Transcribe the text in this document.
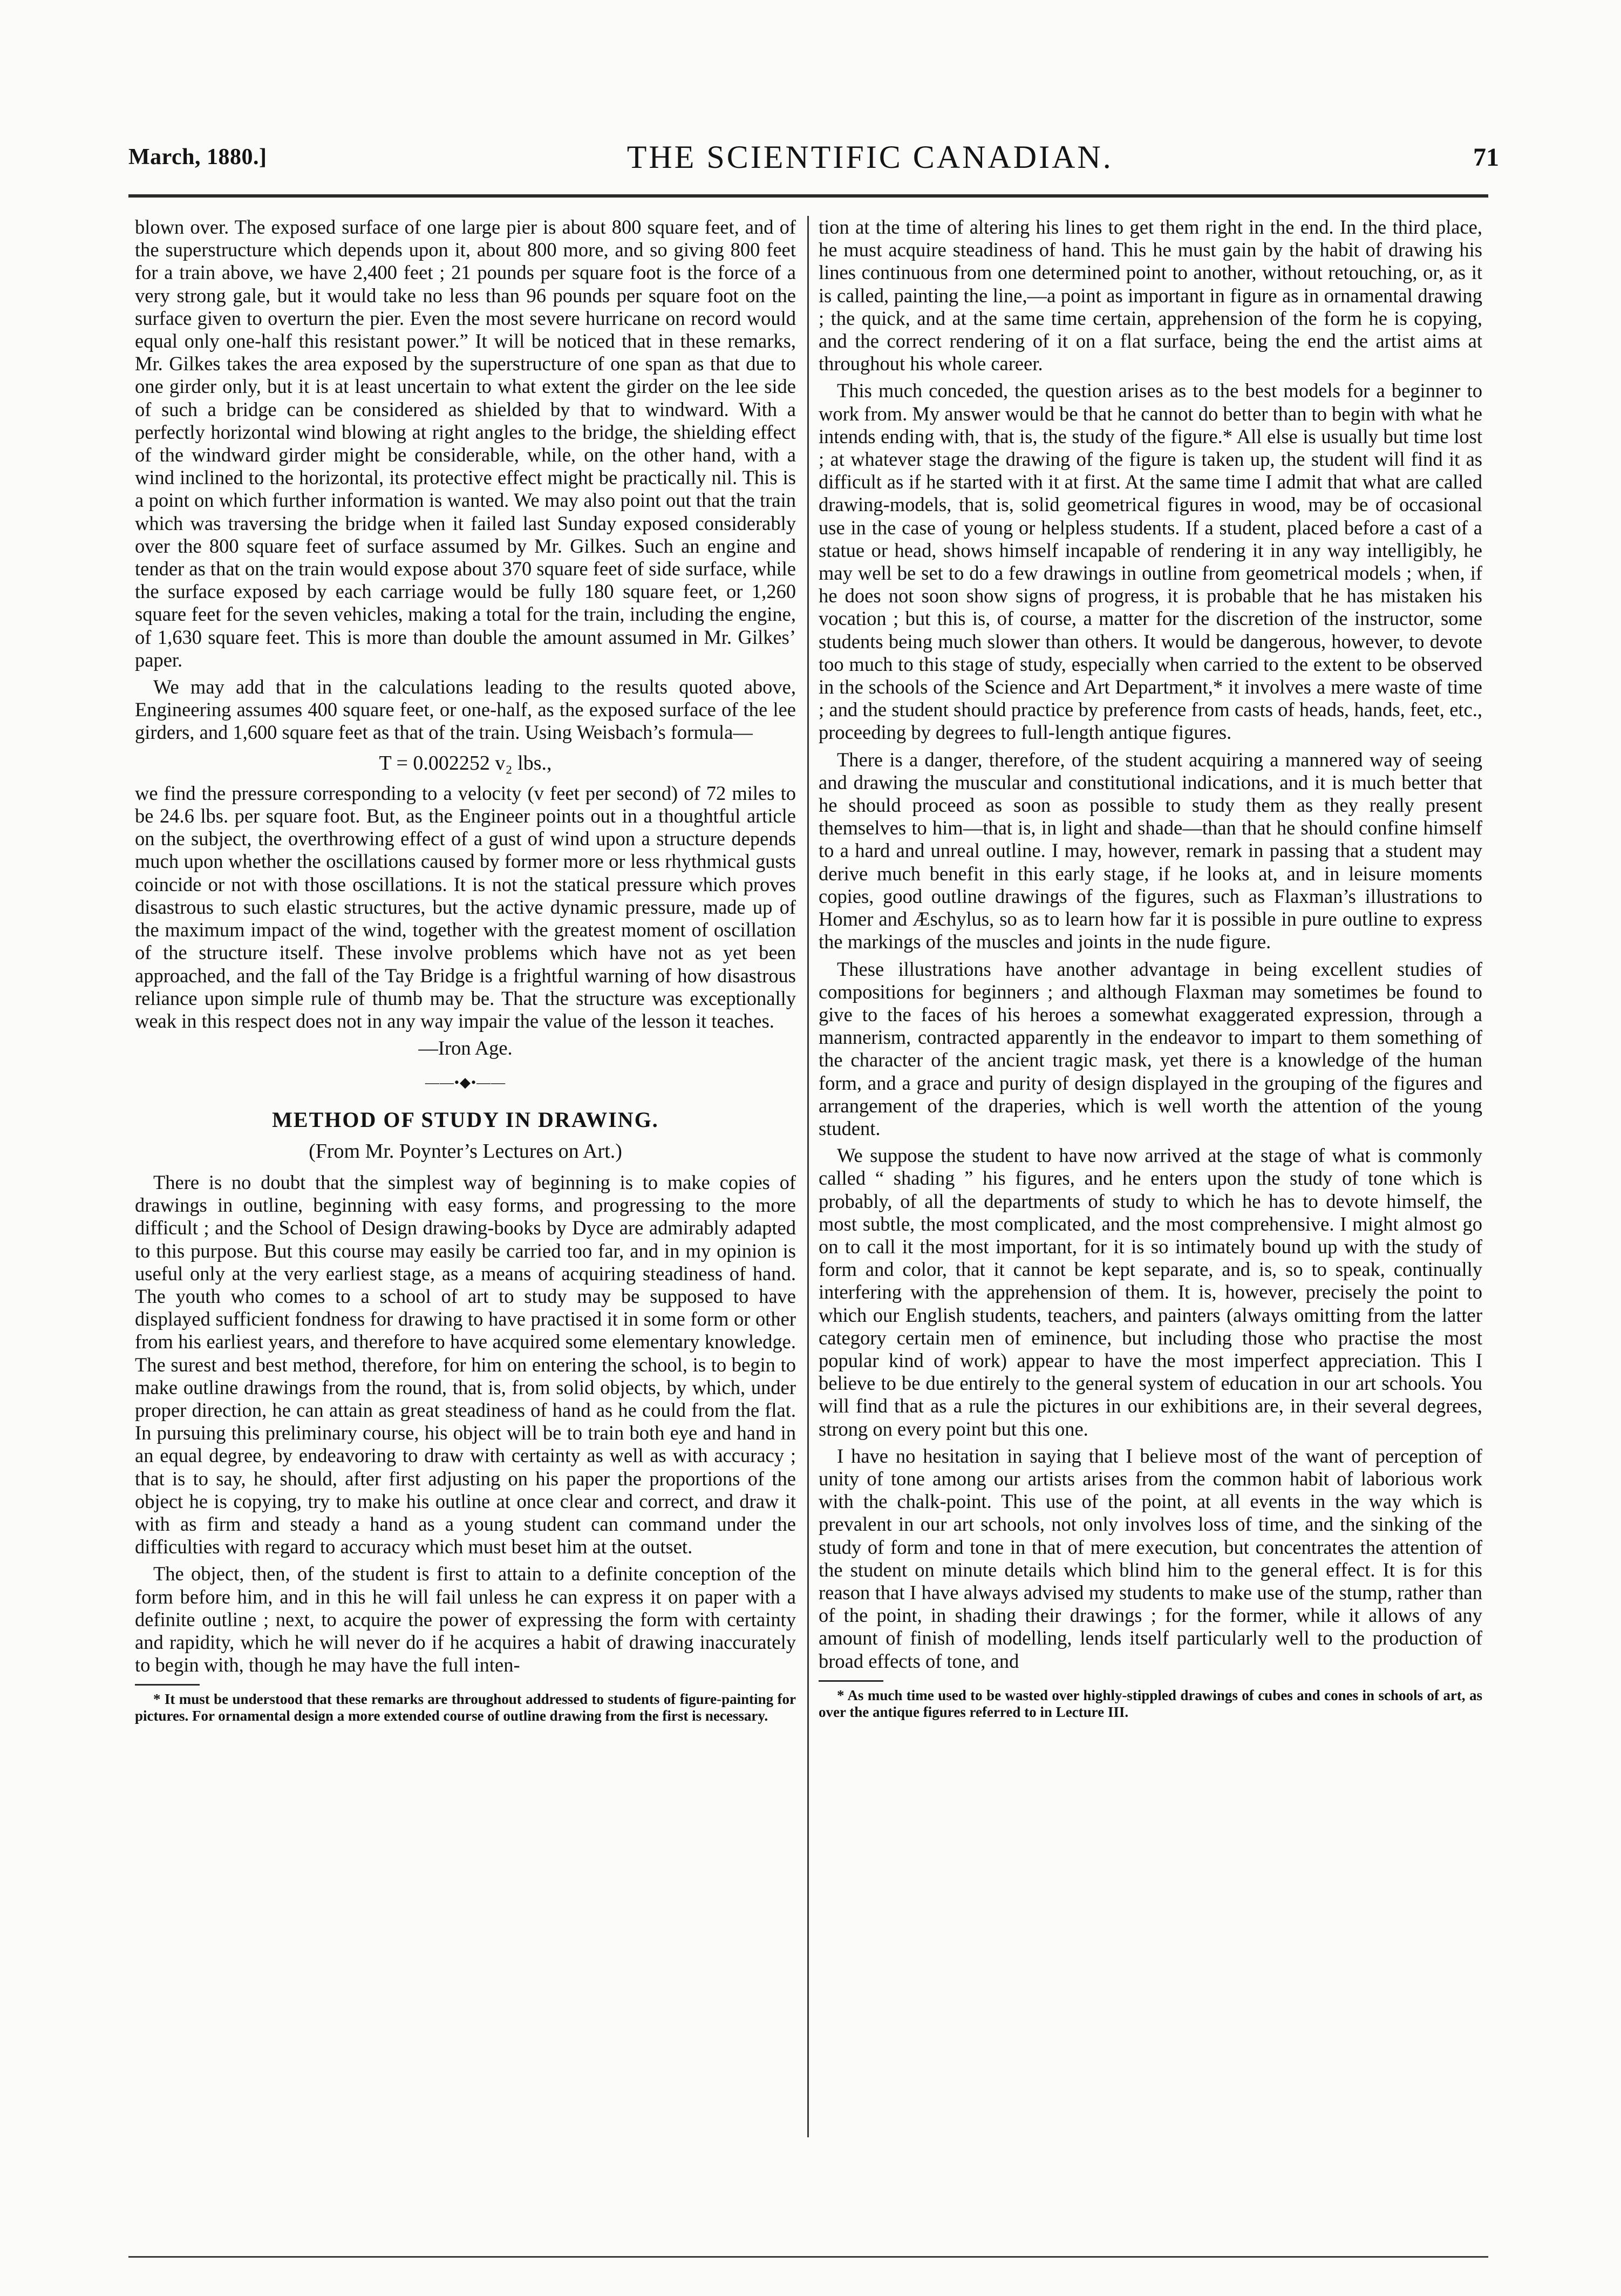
March, 1880.]	THE SCIENTIFIC CANADIAN.	71

blown over. The exposed surface of one large pier is about 800 square feet, and of the superstructure which depends upon it, about 800 more, and so giving 800 feet for a train above, we have 2,400 feet ; 21 pounds per square foot is the force of a very strong gale, but it would take no less than 96 pounds per square foot on the surface given to overturn the pier. Even the most severe hurricane on record would equal only one-half this resistant power.” It will be noticed that in these remarks, Mr. Gilkes takes the area exposed by the superstructure of one span as that due to one girder only, but it is at least uncertain to what extent the girder on the lee side of such a bridge can be considered as shielded by that to windward. With a perfectly horizontal wind blowing at right angles to the bridge, the shielding effect of the windward girder might be considerable, while, on the other hand, with a wind inclined to the horizontal, its protective effect might be practically nil. This is a point on which further information is wanted. We may also point out that the train which was traversing the bridge when it failed last Sunday exposed considerably over the 800 square feet of surface assumed by Mr. Gilkes. Such an engine and tender as that on the train would expose about 370 square feet of side surface, while the surface exposed by each carriage would be fully 180 square feet, or 1,260 square feet for the seven vehicles, making a total for the train, including the engine, of 1,630 square feet. This is more than double the amount assumed in Mr. Gilkes’ paper.

We may add that in the calculations leading to the results quoted above, Engineering assumes 400 square feet, or one-half, as the exposed surface of the lee girders, and 1,600 square feet as that of the train. Using Weisbach’s formula—

T = 0.002252 v₂ lbs.,

we find the pressure corresponding to a velocity (v feet per second) of 72 miles to be 24.6 lbs. per square foot. But, as the Engineer points out in a thoughtful article on the subject, the overthrowing effect of a gust of wind upon a structure depends much upon whether the oscillations caused by former more or less rhythmical gusts coincide or not with those oscillations. It is not the statical pressure which proves disastrous to such elastic structures, but the active dynamic pressure, made up of the maximum impact of the wind, together with the greatest moment of oscillation of the structure itself. These involve problems which have not as yet been approached, and the fall of the Tay Bridge is a frightful warning of how disastrous reliance upon simple rule of thumb may be. That the structure was exceptionally weak in this respect does not in any way impair the value of the lesson it teaches.

—Iron Age.

——•◆•——
METHOD OF STUDY IN DRAWING.
(From Mr. Poynter’s Lectures on Art.)

There is no doubt that the simplest way of beginning is to make copies of drawings in outline, beginning with easy forms, and progressing to the more difficult ; and the School of Design drawing-books by Dyce are admirably adapted to this purpose. But this course may easily be carried too far, and in my opinion is useful only at the very earliest stage, as a means of acquiring steadiness of hand. The youth who comes to a school of art to study may be supposed to have displayed sufficient fondness for drawing to have practised it in some form or other from his earliest years, and therefore to have acquired some elementary knowledge. The surest and best method, therefore, for him on entering the school, is to begin to make outline drawings from the round, that is, from solid objects, by which, under proper direction, he can attain as great steadiness of hand as he could from the flat. In pursuing this preliminary course, his object will be to train both eye and hand in an equal degree, by endeavoring to draw with certainty as well as with accuracy ; that is to say, he should, after first adjusting on his paper the proportions of the object he is copying, try to make his outline at once clear and correct, and draw it with as firm and steady a hand as a young student can command under the difficulties with regard to accuracy which must beset him at the outset.

The object, then, of the student is first to attain to a definite conception of the form before him, and in this he will fail unless he can express it on paper with a definite outline ; next, to acquire the power of expressing the form with certainty and rapidity, which he will never do if he acquires a habit of drawing inaccurately to begin with, though he may have the full inten-

* It must be understood that these remarks are throughout addressed to students of figure-painting for pictures. For ornamental design a more extended course of outline drawing from the first is necessary.

tion at the time of altering his lines to get them right in the end. In the third place, he must acquire steadiness of hand. This he must gain by the habit of drawing his lines continuous from one determined point to another, without retouching, or, as it is called, painting the line,—a point as important in figure as in ornamental drawing ; the quick, and at the same time certain, apprehension of the form he is copying, and the correct rendering of it on a flat surface, being the end the artist aims at throughout his whole career.

This much conceded, the question arises as to the best models for a beginner to work from. My answer would be that he cannot do better than to begin with what he intends ending with, that is, the study of the figure.* All else is usually but time lost ; at whatever stage the drawing of the figure is taken up, the student will find it as difficult as if he started with it at first. At the same time I admit that what are called drawing-models, that is, solid geometrical figures in wood, may be of occasional use in the case of young or helpless students. If a student, placed before a cast of a statue or head, shows himself incapable of rendering it in any way intelligibly, he may well be set to do a few drawings in outline from geometrical models ; when, if he does not soon show signs of progress, it is probable that he has mistaken his vocation ; but this is, of course, a matter for the discretion of the instructor, some students being much slower than others. It would be dangerous, however, to devote too much to this stage of study, especially when carried to the extent to be observed in the schools of the Science and Art Department,* it involves a mere waste of time ; and the student should practice by preference from casts of heads, hands, feet, etc., proceeding by degrees to full-length antique figures.

There is a danger, therefore, of the student acquiring a mannered way of seeing and drawing the muscular and constitutional indications, and it is much better that he should proceed as soon as possible to study them as they really present themselves to him—that is, in light and shade—than that he should confine himself to a hard and unreal outline. I may, however, remark in passing that a student may derive much benefit in this early stage, if he looks at, and in leisure moments copies, good outline drawings of the figures, such as Flaxman’s illustrations to Homer and Æschylus, so as to learn how far it is possible in pure outline to express the markings of the muscles and joints in the nude figure.

These illustrations have another advantage in being excellent studies of compositions for beginners ; and although Flaxman may sometimes be found to give to the faces of his heroes a somewhat exaggerated expression, through a mannerism, contracted apparently in the endeavor to impart to them something of the character of the ancient tragic mask, yet there is a knowledge of the human form, and a grace and purity of design displayed in the grouping of the figures and arrangement of the draperies, which is well worth the attention of the young student.

We suppose the student to have now arrived at the stage of what is commonly called “ shading ” his figures, and he enters upon the study of tone which is probably, of all the departments of study to which he has to devote himself, the most subtle, the most complicated, and the most comprehensive. I might almost go on to call it the most important, for it is so intimately bound up with the study of form and color, that it cannot be kept separate, and is, so to speak, continually interfering with the apprehension of them. It is, however, precisely the point to which our English students, teachers, and painters (always omitting from the latter category certain men of eminence, but including those who practise the most popular kind of work) appear to have the most imperfect appreciation. This I believe to be due entirely to the general system of education in our art schools. You will find that as a rule the pictures in our exhibitions are, in their several degrees, strong on every point but this one.

I have no hesitation in saying that I believe most of the want of perception of unity of tone among our artists arises from the common habit of laborious work with the chalk-point. This use of the point, at all events in the way which is prevalent in our art schools, not only involves loss of time, and the sinking of the study of form and tone in that of mere execution, but concentrates the attention of the student on minute details which blind him to the general effect. It is for this reason that I have always advised my students to make use of the stump, rather than of the point, in shading their drawings ; for the former, while it allows of any amount of finish of modelling, lends itself particularly well to the production of broad effects of tone, and

* As much time used to be wasted over highly-stippled drawings of cubes and cones in schools of art, as over the antique figures referred to in Lecture III.
